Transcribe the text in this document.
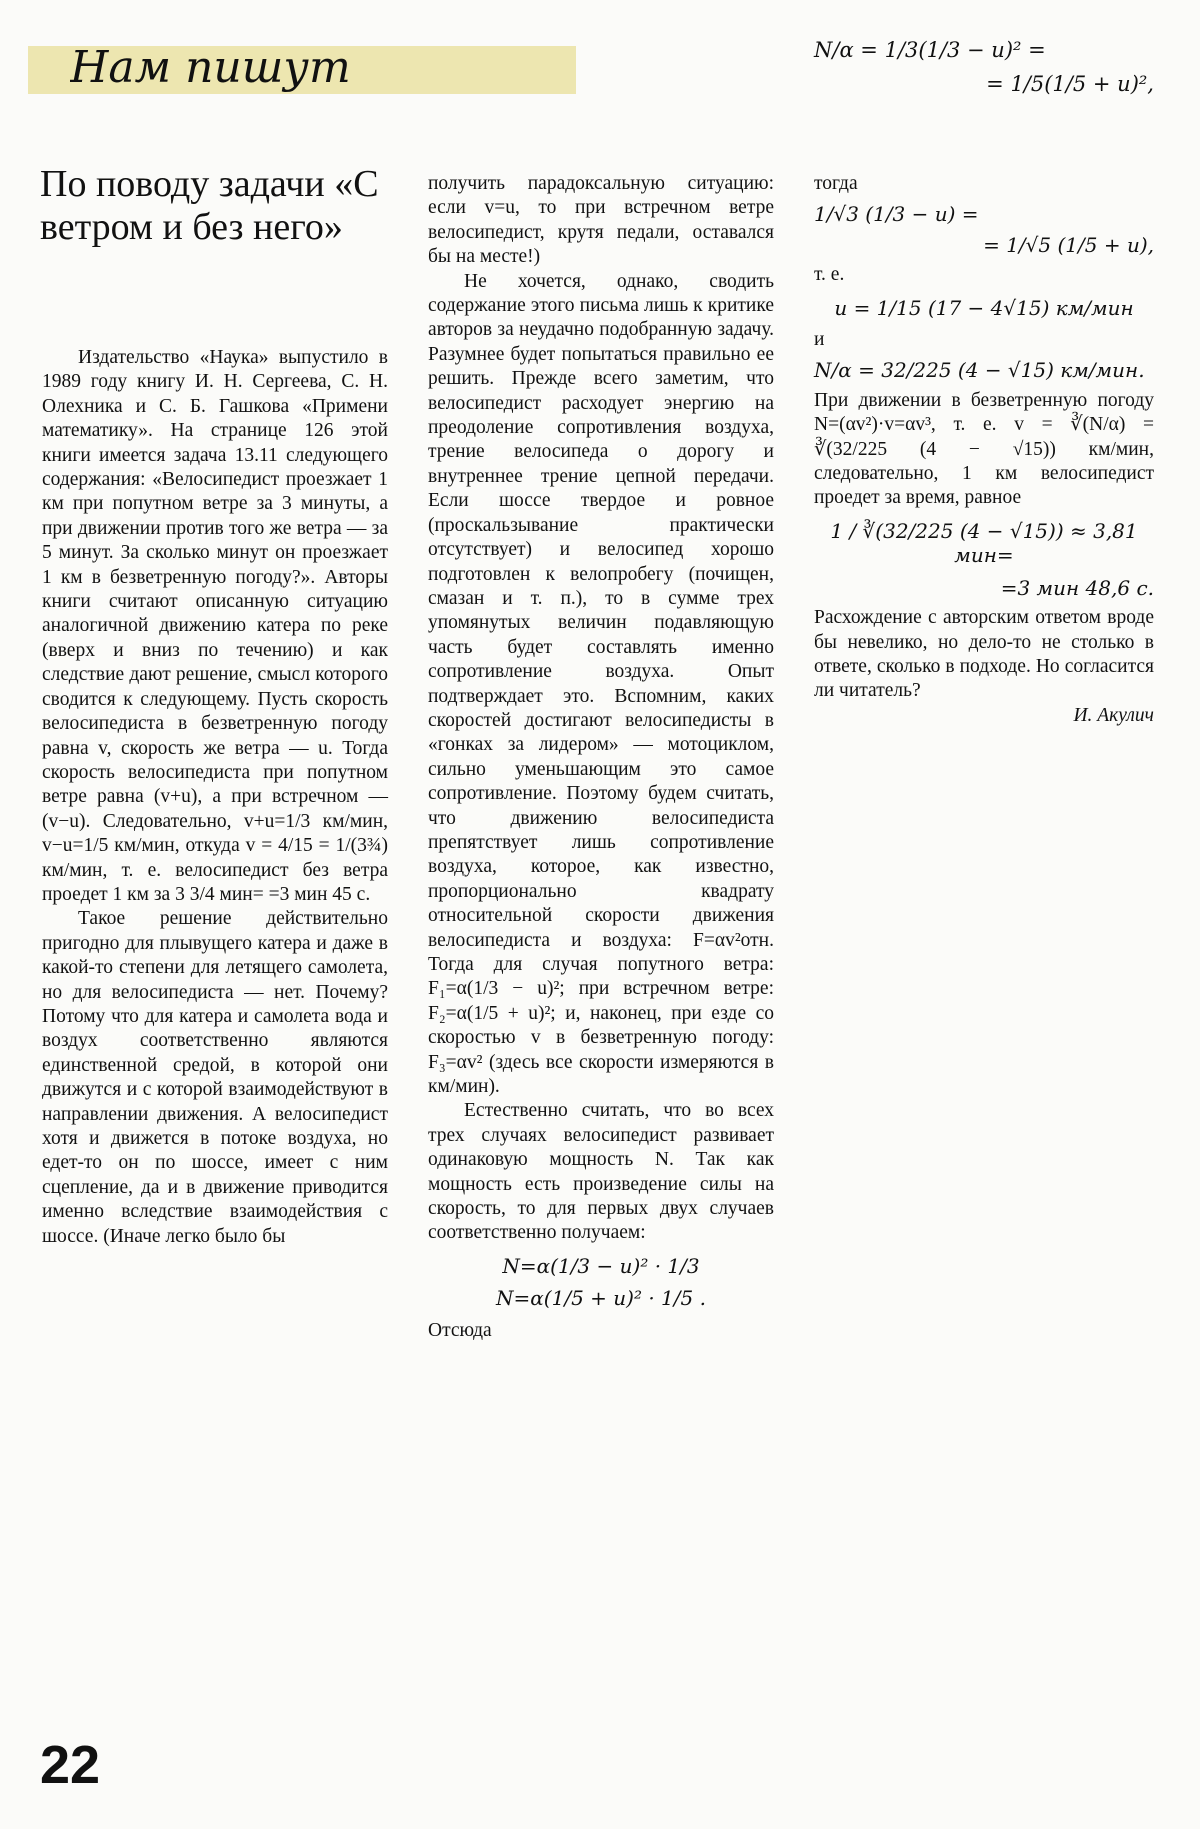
Нам пишут
По поводу задачи «С ветром и без него»

Издательство «Наука» выпустило в 1989 году книгу И. Н. Сергеева, С. Н. Олехника и С. Б. Гашкова «Примени математику». На странице 126 этой книги имеется задача 13.11 следующего содержания: «Велосипедист проезжает 1 км при попутном ветре за 3 минуты, а при движении против того же ветра — за 5 минут. За сколько минут он проезжает 1 км в безветренную погоду?». Авторы книги считают описанную ситуацию аналогичной движению катера по реке (вверх и вниз по течению) и как следствие дают решение, смысл которого сводится к следующему. Пусть скорость велосипедиста в безветренную погоду равна v, скорость же ветра — u. Тогда скорость велосипедиста при попутном ветре равна (v+u), а при встречном — (v−u). Следовательно, v+u=1/3 км/мин, v−u=1/5 км/мин, откуда v = 4/15 = 1/(3¾) км/мин, т. е. велосипедист без ветра проедет 1 км за 3 3/4 мин= =3 мин 45 с.

Такое решение действительно пригодно для плывущего катера и даже в какой-то степени для летящего самолета, но для велосипедиста — нет. Почему? Потому что для катера и самолета вода и воздух соответственно являются единственной средой, в которой они движутся и с которой взаимодействуют в направлении движения. А велосипедист хотя и движется в потоке воздуха, но едет-то он по шоссе, имеет с ним сцепление, да и в движение приводится именно вследствие взаимодействия с шоссе. (Иначе легко было бы

получить парадоксальную ситуацию: если v=u, то при встречном ветре велосипедист, крутя педали, оставался бы на месте!)

Не хочется, однако, сводить содержание этого письма лишь к критике авторов за неудачно подобранную задачу. Разумнее будет попытаться правильно ее решить. Прежде всего заметим, что велосипедист расходует энергию на преодоление сопротивления воздуха, трение велосипеда о дорогу и внутреннее трение цепной передачи. Если шоссе твердое и ровное (проскальзывание практически отсутствует) и велосипед хорошо подготовлен к велопробегу (почищен, смазан и т. п.), то в сумме трех упомянутых величин подавляющую часть будет составлять именно сопротивление воздуха. Опыт подтверждает это. Вспомним, каких скоростей достигают велосипедисты в «гонках за лидером» — мотоциклом, сильно уменьшающим это самое сопротивление. Поэтому будем считать, что движению велосипедиста препятствует лишь сопротивление воздуха, которое, как известно, пропорционально квадрату относительной скорости движения велосипедиста и воздуха: F=αv²отн. Тогда для случая попутного ветра: F₁=α(1/3 − u)²; при встречном ветре: F₂=α(1/5 + u)²; и, наконец, при езде со скоростью v в безветренную погоду: F₃=αv² (здесь все скорости измеряются в км/мин).

Естественно считать, что во всех трех случаях велосипедист развивает одинаковую мощность N. Так как мощность есть произведение силы на скорость, то для первых двух случаев соответственно получаем:

N=α(1/3 − u)² · 1/3
N=α(1/5 + u)² · 1/5 .

Отсюда

N/α = 1/3(1/3 − u)² =
= 1/5(1/5 + u)²,

тогда

1/√3 (1/3 − u) =
= 1/√5 (1/5 + u),

т. е.

u = 1/15 (17 − 4√15) км/мин

и

N/α = 32/225 (4 − √15) км/мин.

При движении в безветренную погоду N=(αv²)·v=αv³, т. е. v = ∛(N/α) = ∛(32/225 (4 − √15)) км/мин, следовательно, 1 км велосипедист проедет за время, равное

1 / ∛(32/225 (4 − √15)) ≈ 3,81 мин=
=3 мин 48,6 с.

Расхождение с авторским ответом вроде бы невелико, но дело-то не столько в ответе, сколько в подходе. Но согласится ли читатель?

И. Акулич

22
